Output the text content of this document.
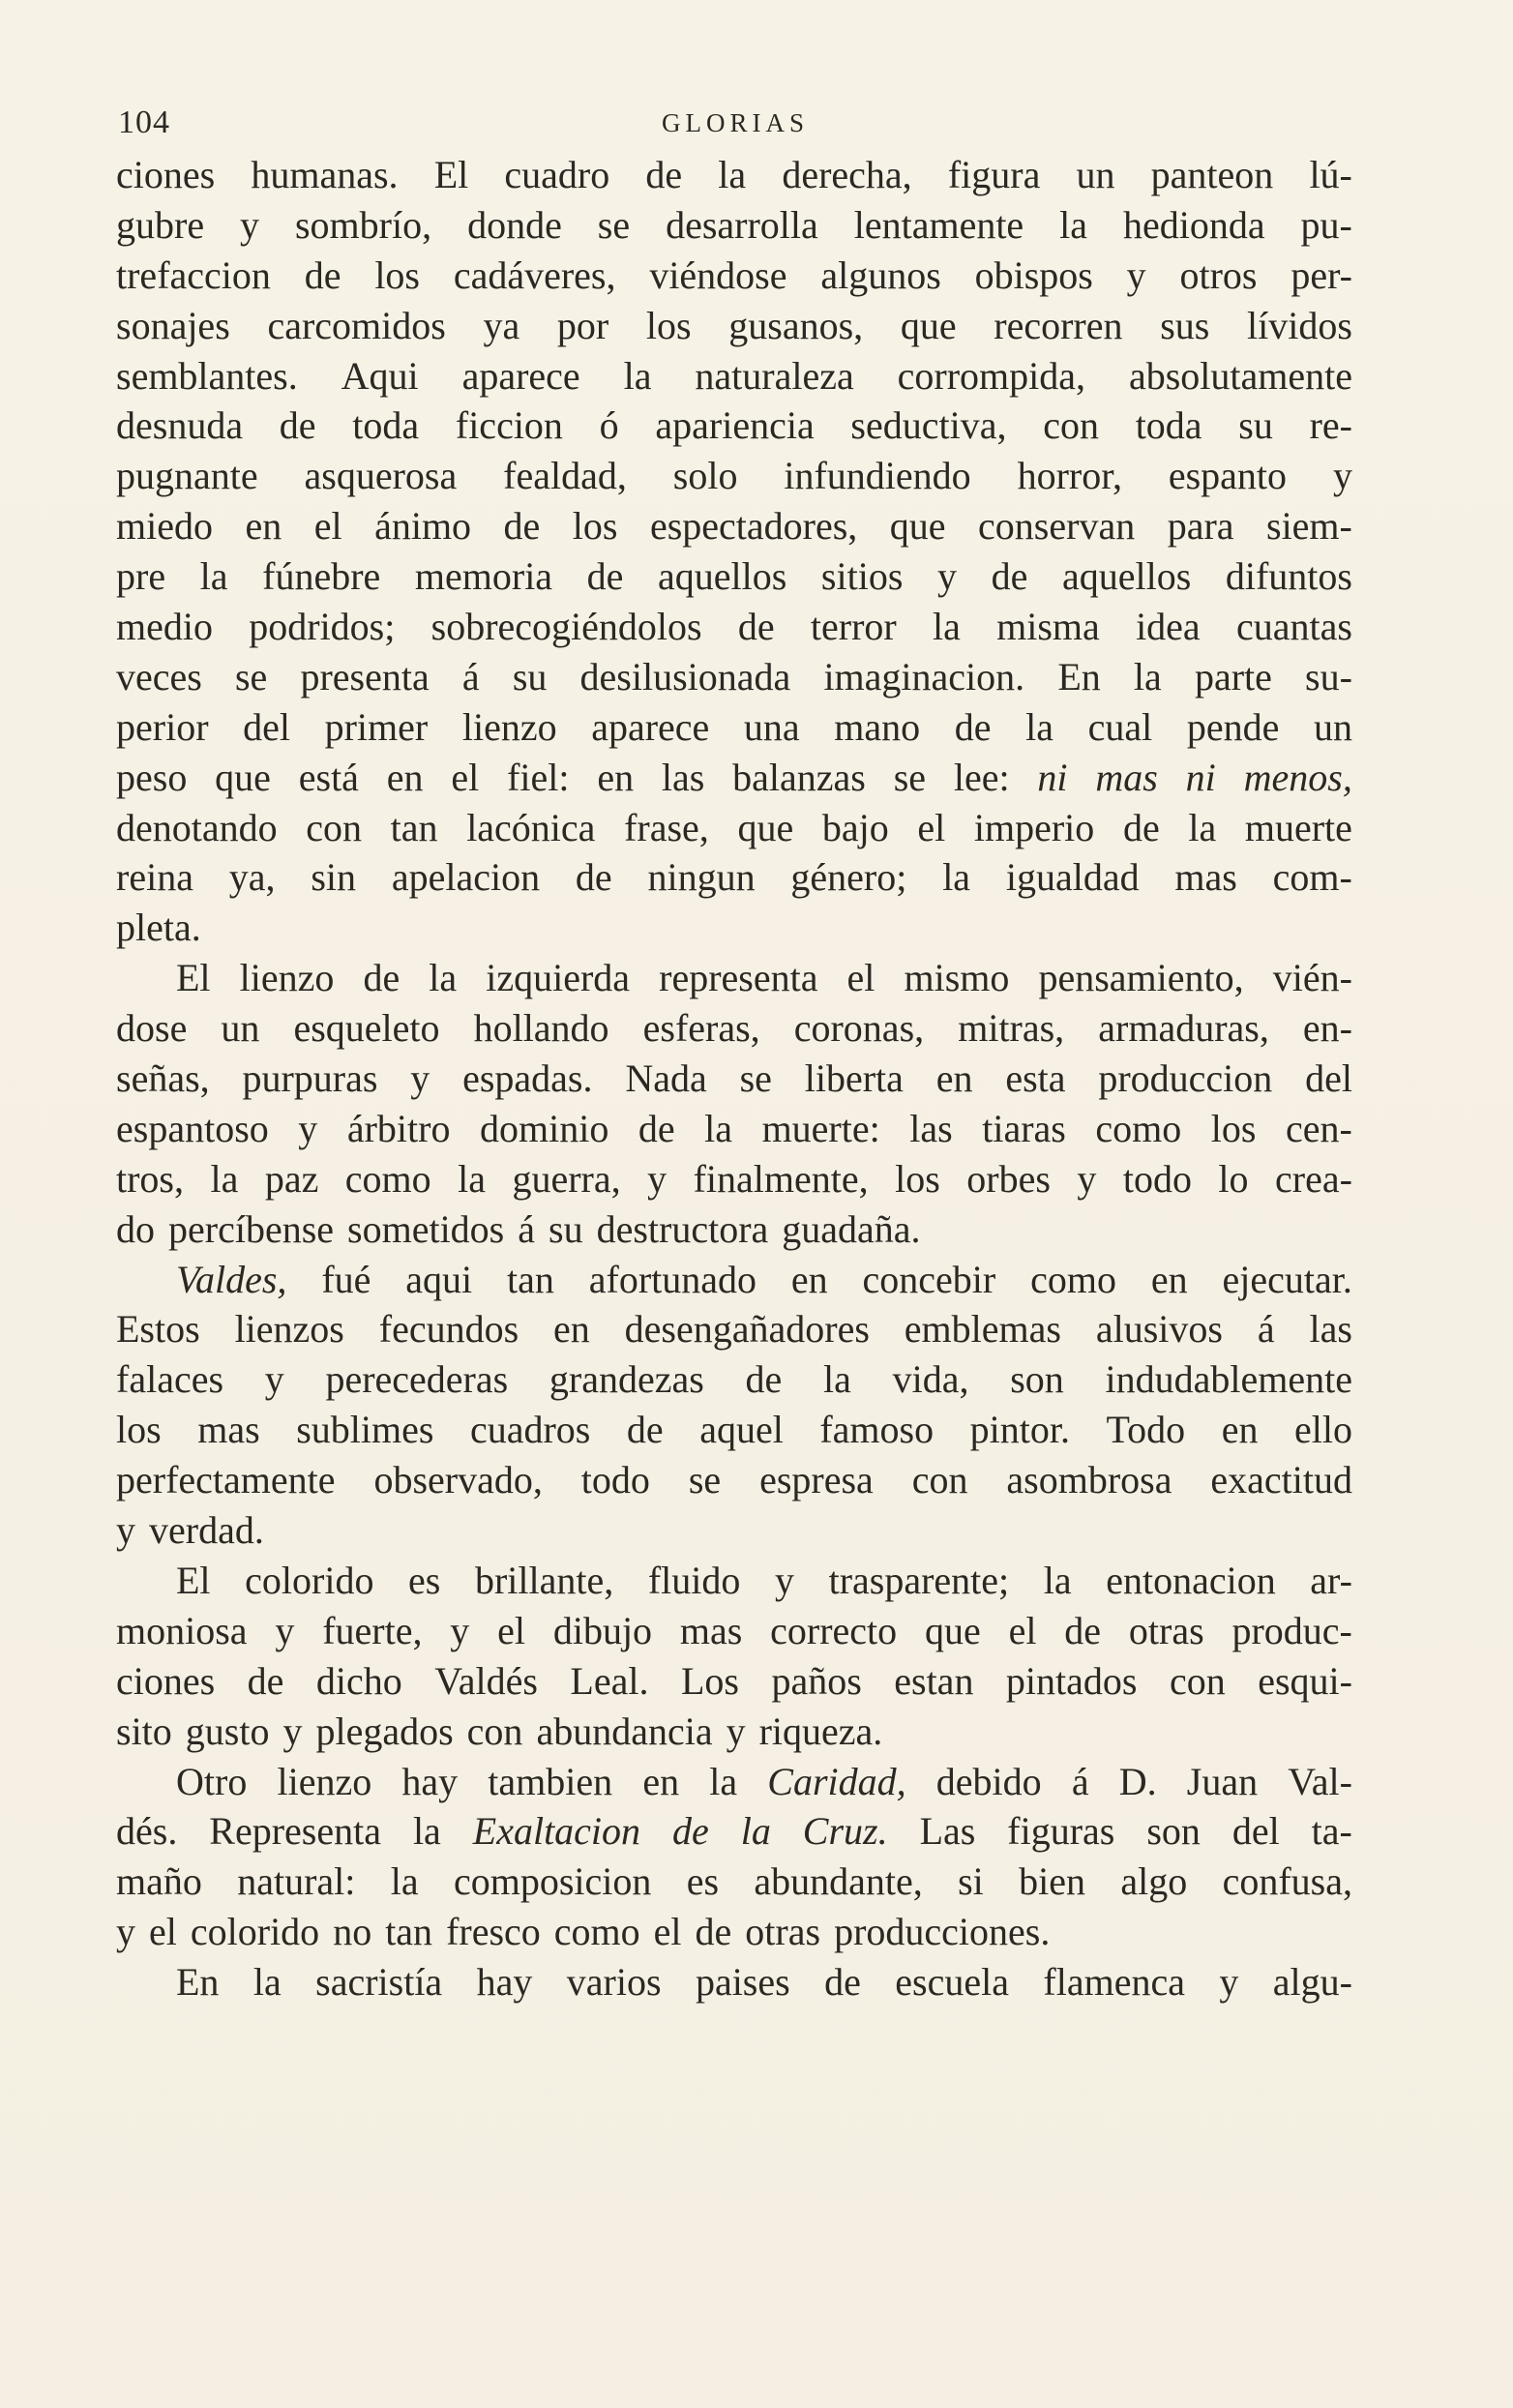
104	GLORIAS
ciones humanas. El cuadro de la derecha, figura un panteon lú-
gubre y sombrío, donde se desarrolla lentamente la hedionda pu-
trefaccion de los cadáveres, viéndose algunos obispos y otros per-
sonajes carcomidos ya por los gusanos, que recorren sus lívidos
semblantes. Aqui aparece la naturaleza corrompida, absolutamente
desnuda de toda ficcion ó apariencia seductiva, con toda su re-
pugnante asquerosa fealdad, solo infundiendo horror, espanto y
miedo en el ánimo de los espectadores, que conservan para siem-
pre la fúnebre memoria de aquellos sitios y de aquellos difuntos
medio podridos; sobrecogiéndolos de terror la misma idea cuantas
veces se presenta á su desilusionada imaginacion. En la parte su-
perior del primer lienzo aparece una mano de la cual pende un
peso que está en el fiel: en las balanzas se lee: ni mas ni menos,
denotando con tan lacónica frase, que bajo el imperio de la muerte
reina ya, sin apelacion de ningun género; la igualdad mas com-
pleta.
El lienzo de la izquierda representa el mismo pensamiento, vién-
dose un esqueleto hollando esferas, coronas, mitras, armaduras, en-
señas, purpuras y espadas. Nada se liberta en esta produccion del
espantoso y árbitro dominio de la muerte: las tiaras como los cen-
tros, la paz como la guerra, y finalmente, los orbes y todo lo crea-
do percíbense sometidos á su destructora guadaña.
Valdes, fué aqui tan afortunado en concebir como en ejecutar.
Estos lienzos fecundos en desengañadores emblemas alusivos á las
falaces y perecederas grandezas de la vida, son indudablemente
los mas sublimes cuadros de aquel famoso pintor. Todo en ello
perfectamente observado, todo se espresa con asombrosa exactitud
y verdad.
El colorido es brillante, fluido y trasparente; la entonacion ar-
moniosa y fuerte, y el dibujo mas correcto que el de otras produc-
ciones de dicho Valdés Leal. Los paños estan pintados con esqui-
sito gusto y plegados con abundancia y riqueza.
Otro lienzo hay tambien en la Caridad, debido á D. Juan Val-
dés. Representa la Exaltacion de la Cruz. Las figuras son del ta-
maño natural: la composicion es abundante, si bien algo confusa,
y el colorido no tan fresco como el de otras producciones.
En la sacristía hay varios paises de escuela flamenca y algu-
